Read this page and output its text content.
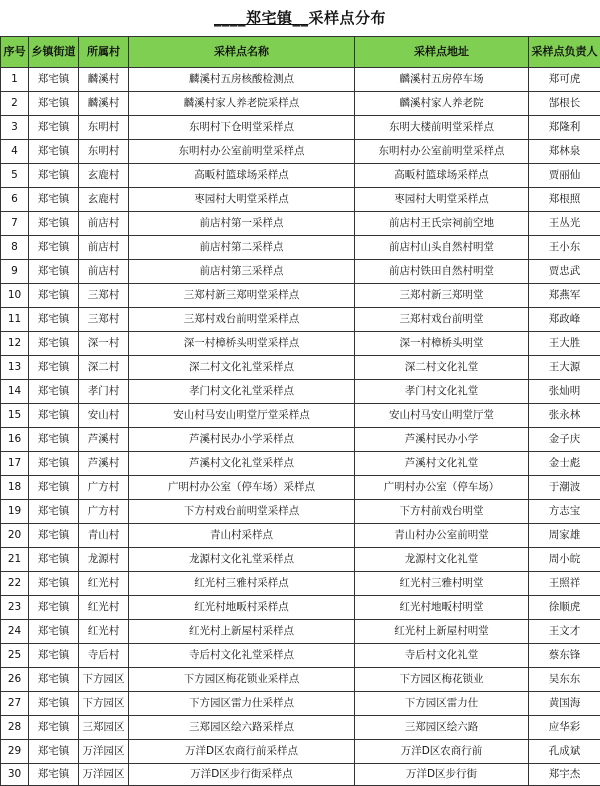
____郑宅镇__采样点分布
序号	乡镇街道	所属村	采样点名称	采样点地址	采样点负责人
1	郑宅镇	麟溪村	麟溪村五房核酸检测点	麟溪村五房停车场	郑可虎
2	郑宅镇	麟溪村	麟溪村家人养老院采样点	麟溪村家人养老院	郜根长
3	郑宅镇	东明村	东明村下仓明堂采样点	东明大楼前明堂采样点	郑隆利
4	郑宅镇	东明村	东明村办公室前明堂采样点	东明村办公室前明堂采样点	郑林泉
5	郑宅镇	玄鹿村	高畈村篮球场采样点	高畈村篮球场采样点	贾丽仙
6	郑宅镇	玄鹿村	枣园村大明堂采样点	枣园村大明堂采样点	郑根照
7	郑宅镇	前店村	前店村第一采样点	前店村王氏宗祠前空地	王丛光
8	郑宅镇	前店村	前店村第二采样点	前店村山头自然村明堂	王小东
9	郑宅镇	前店村	前店村第三采样点	前店村铁田自然村明堂	贾忠武
10	郑宅镇	三郑村	三郑村新三郑明堂采样点	三郑村新三郑明堂	郑燕军
11	郑宅镇	三郑村	三郑村戏台前明堂采样点	三郑村戏台前明堂	郑政峰
12	郑宅镇	深一村	深一村樟桥头明堂采样点	深一村樟桥头明堂	王大胜
13	郑宅镇	深二村	深二村文化礼堂采样点	深二村文化礼堂	王大源
14	郑宅镇	孝门村	孝门村文化礼堂采样点	孝门村文化礼堂	张灿明
15	郑宅镇	安山村	安山村马安山明堂厅堂采样点	安山村马安山明堂厅堂	张永林
16	郑宅镇	芦溪村	芦溪村民办小学采样点	芦溪村民办小学	金子庆
17	郑宅镇	芦溪村	芦溪村文化礼堂采样点	芦溪村文化礼堂	金士彪
18	郑宅镇	广方村	广明村办公室（停车场）采样点	广明村办公室（停车场）	于潮波
19	郑宅镇	广方村	下方村戏台前明堂采样点	下方村前戏台明堂	方志宝
20	郑宅镇	青山村	青山村采样点	青山村办公室前明堂	周家雄
21	郑宅镇	龙源村	龙源村文化礼堂采样点	龙源村文化礼堂	周小皖
22	郑宅镇	红光村	红光村三雅村采样点	红光村三雅村明堂	王照祥
23	郑宅镇	红光村	红光村地畈村采样点	红光村地畈村明堂	徐顺虎
24	郑宅镇	红光村	红光村上新屋村采样点	红光村上新屋村明堂	王文才
25	郑宅镇	寺后村	寺后村文化礼堂采样点	寺后村文化礼堂	蔡东锋
26	郑宅镇	下方园区	下方园区梅花锁业采样点	下方园区梅花锁业	吴东东
27	郑宅镇	下方园区	下方园区雷力仕采样点	下方园区雷力仕	黄国海
28	郑宅镇	三郑园区	三郑园区绘六路采样点	三郑园区绘六路	应华彩
29	郑宅镇	万洋园区	万洋D区农商行前采样点	万洋D区农商行前	孔成斌
30	郑宅镇	万洋园区	万洋D区步行街采样点	万洋D区步行街	郑宇杰
